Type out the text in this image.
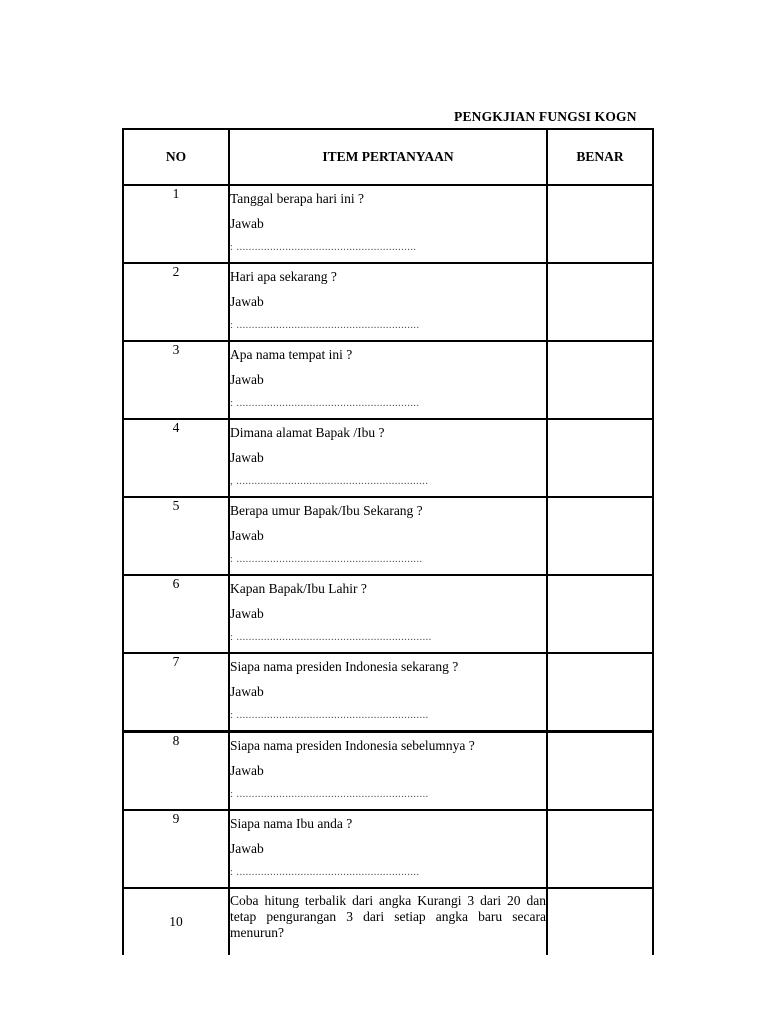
PENGKJIAN FUNGSI KOGN
NO	ITEM PERTANYAAN	BENAR
1	Tanggal berapa hari ini ?
Jawab
: ...........................................................	

2	Hari apa sekarang ?
Jawab
: ............................................................	

3	Apa nama tempat ini ?
Jawab
: ............................................................	

4	Dimana alamat Bapak /Ibu ?
Jawab
, ...............................................................	

5	Berapa umur Bapak/Ibu Sekarang ?
Jawab
: .............................................................	

6	Kapan Bapak/Ibu Lahir ?
Jawab
: ................................................................	

7	Siapa nama presiden Indonesia sekarang ?
Jawab
: ...............................................................	

8	Siapa nama presiden Indonesia sebelumnya ?
Jawab
: ...............................................................	

9	Siapa nama Ibu anda ?
Jawab
: ............................................................	

10	Coba hitung terbalik dari angka Kurangi 3 dari 20 dan tetap pengurangan 3 dari setiap angka baru secara menurun?	
